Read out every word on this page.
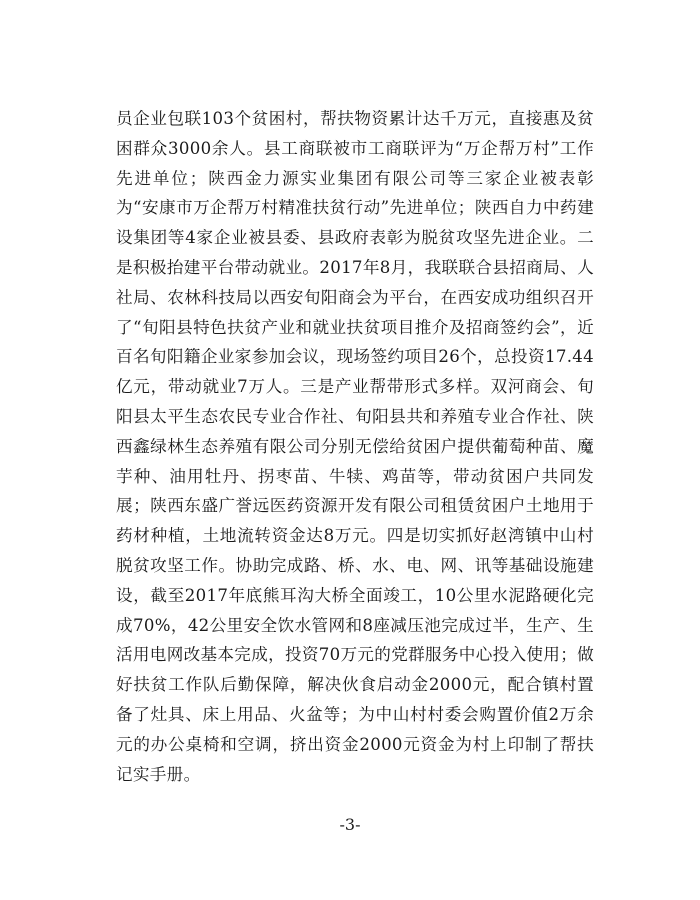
员企业包联103个贫困村，帮扶物资累计达千万元，直接惠及贫困群众3000余人。县工商联被市工商联评为“万企帮万村”工作先进单位；陕西金力源实业集团有限公司等三家企业被表彰为“安康市万企帮万村精准扶贫行动”先进单位；陕西自力中药建设集团等4家企业被县委、县政府表彰为脱贫攻坚先进企业。二是积极抬建平台带动就业。2017年8月，我联联合县招商局、人社局、农林科技局以西安旬阳商会为平台，在西安成功组织召开了“旬阳县特色扶贫产业和就业扶贫项目推介及招商签约会”，近百名旬阳籍企业家参加会议，现场签约项目26个，总投资17.44亿元，带动就业7万人。三是产业帮带形式多样。双河商会、旬阳县太平生态农民专业合作社、旬阳县共和养殖专业合作社、陕西鑫绿林生态养殖有限公司分别无偿给贫困户提供葡萄种苗、魔芋种、油用牡丹、拐枣苗、牛犊、鸡苗等，带动贫困户共同发展；陕西东盛广誉远医药资源开发有限公司租赁贫困户土地用于药材种植，土地流转资金达8万元。四是切实抓好赵湾镇中山村脱贫攻坚工作。协助完成路、桥、水、电、网、讯等基础设施建设，截至2017年底熊耳沟大桥全面竣工，10公里水泥路硬化完成70%，42公里安全饮水管网和8座减压池完成过半，生产、生活用电网改基本完成，投资70万元的党群服务中心投入使用；做好扶贫工作队后勤保障，解决伙食启动金2000元，配合镇村置备了灶具、床上用品、火盆等；为中山村村委会购置价值2万余元的办公桌椅和空调，挤出资金2000元资金为村上印制了帮扶记实手册。

-3-
